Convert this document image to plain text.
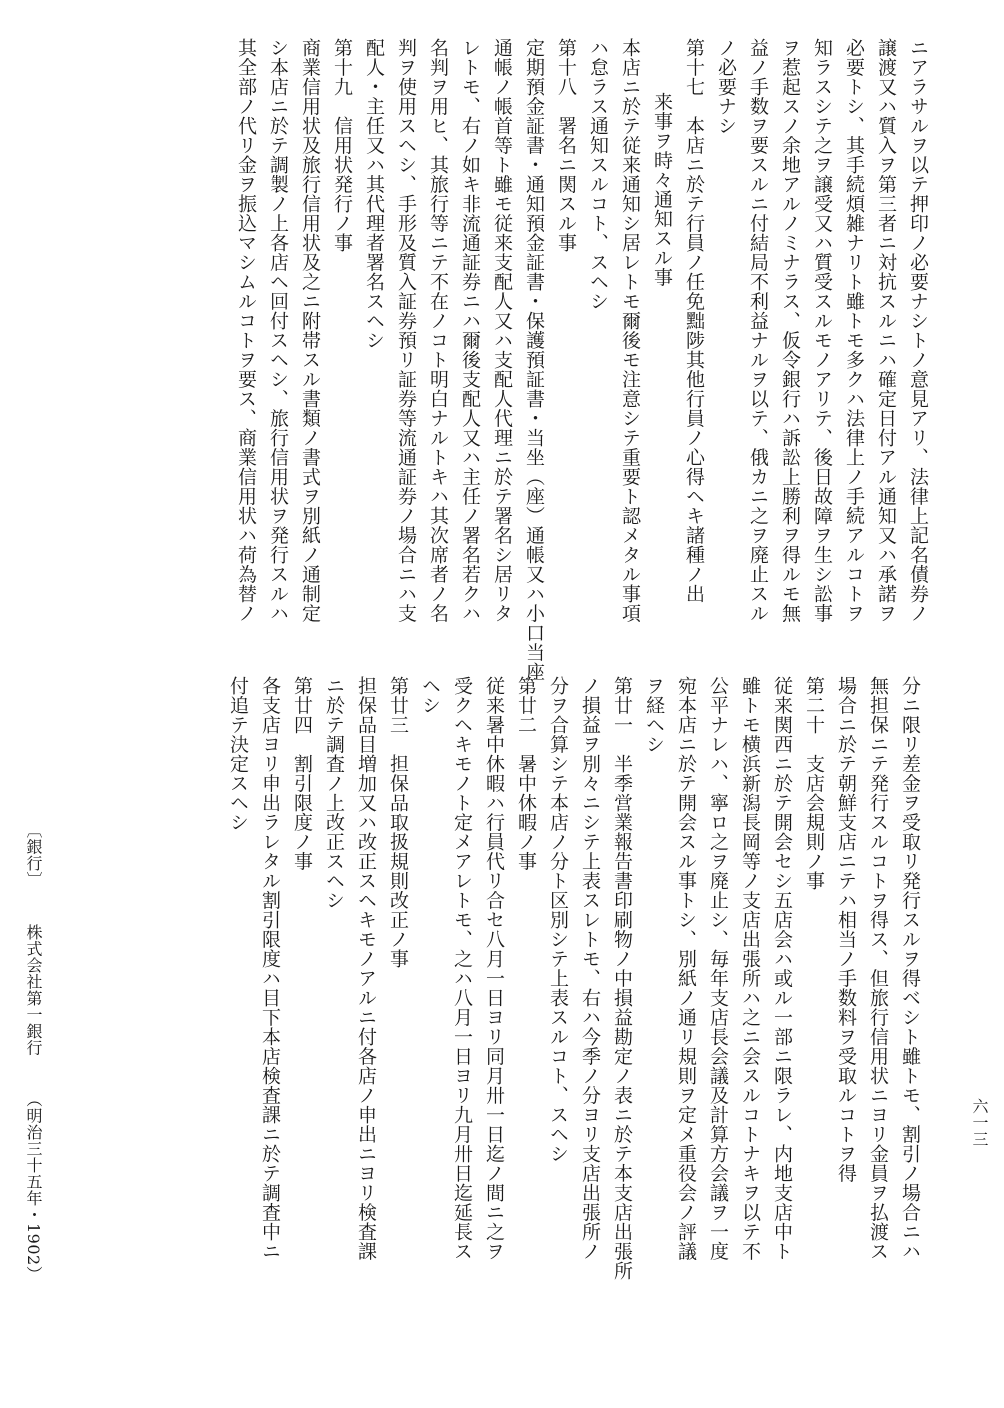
ニアラサルヲ以テ押印ノ必要ナシトノ意見アリ、法律上記名債券ノ
譲渡又ハ質入ヲ第三者ニ対抗スルニハ確定日付アル通知又ハ承諾ヲ
必要トシ、其手続煩雑ナリト雖トモ多クハ法律上ノ手続アルコトヲ
知ラスシテ之ヲ譲受又ハ質受スルモノアリテ、後日故障ヲ生シ訟事
ヲ惹起スノ余地アルノミナラス、仮令銀行ハ訴訟上勝利ヲ得ルモ無
益ノ手数ヲ要スルニ付結局不利益ナルヲ以テ、俄カニ之ヲ廃止スル
ノ必要ナシ
第十七　本店ニ於テ行員ノ任免黜陟其他行員ノ心得ヘキ諸種ノ出
来事ヲ時々通知スル事
本店ニ於テ従来通知シ居レトモ爾後モ注意シテ重要ト認メタル事項
ハ怠ラス通知スルコト、スヘシ
第十八　署名ニ関スル事
定期預金証書・通知預金証書・保護預証書・当坐（座）通帳又ハ小口当座
通帳ノ帳首等ト雖モ従来支配人又ハ支配人代理ニ於テ署名シ居リタ
レトモ、右ノ如キ非流通証券ニハ爾後支配人又ハ主任ノ署名若クハ
名判ヲ用ヒ、其旅行等ニテ不在ノコト明白ナルトキハ其次席者ノ名
判ヲ使用スヘシ、手形及質入証券預リ証券等流通証券ノ場合ニハ支
配人・主任又ハ其代理者署名スヘシ
第十九　信用状発行ノ事
商業信用状及旅行信用状及之ニ附帯スル書類ノ書式ヲ別紙ノ通制定
シ本店ニ於テ調製ノ上各店ヘ回付スヘシ、旅行信用状ヲ発行スルハ
其全部ノ代リ金ヲ振込マシムルコトヲ要ス、商業信用状ハ荷為替ノ
分ニ限リ差金ヲ受取リ発行スルヲ得ベシト雖トモ、割引ノ場合ニハ
無担保ニテ発行スルコトヲ得ス、但旅行信用状ニヨリ金員ヲ払渡ス
場合ニ於テ朝鮮支店ニテハ相当ノ手数料ヲ受取ルコトヲ得
第二十　支店会規則ノ事
従来関西ニ於テ開会セシ五店会ハ或ル一部ニ限ラレ、内地支店中ト
雖トモ横浜新潟長岡等ノ支店出張所ハ之ニ会スルコトナキヲ以テ不
公平ナレハ、寧ロ之ヲ廃止シ、毎年支店長会議及計算方会議ヲ一度
宛本店ニ於テ開会スル事トシ、別紙ノ通リ規則ヲ定メ重役会ノ評議
ヲ経ヘシ
第廿一　半季営業報告書印刷物ノ中損益勘定ノ表ニ於テ本支店出張所
ノ損益ヲ別々ニシテ上表スレトモ、右ハ今季ノ分ヨリ支店出張所ノ
分ヲ合算シテ本店ノ分ト区別シテ上表スルコト、スヘシ
第廿二　暑中休暇ノ事
従来暑中休暇ハ行員代リ合セ八月一日ヨリ同月卅一日迄ノ間ニ之ヲ
受クヘキモノト定メアレトモ、之ハ八月一日ヨリ九月卅日迄延長ス
ヘシ
第廿三　担保品取扱規則改正ノ事
担保品目増加又ハ改正スヘキモノアルニ付各店ノ申出ニヨリ検査課
ニ於テ調査ノ上改正スヘシ
第廿四　割引限度ノ事
各支店ヨリ申出ラレタル割引限度ハ目下本店検査課ニ於テ調査中ニ
付追テ決定スヘシ
〔銀行〕 株式会社第一銀行 （明治三十五年・1902）	六一三
